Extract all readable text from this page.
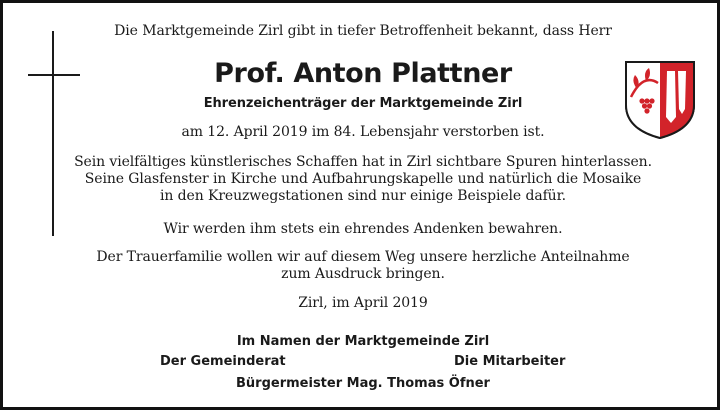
Die Marktgemeinde Zirl gibt in tiefer Betroffenheit bekannt, dass Herr
Prof. Anton Plattner
Ehrenzeichenträger der Marktgemeinde Zirl
am 12. April 2019 im 84. Lebensjahr verstorben ist.
Sein vielfältiges künstlerisches Schaffen hat in Zirl sichtbare Spuren hinterlassen.
Seine Glasfenster in Kirche und Aufbahrungskapelle und natürlich die Mosaike
in den Kreuzwegstationen sind nur einige Beispiele dafür.
Wir werden ihm stets ein ehrendes Andenken bewahren.
Der Trauerfamilie wollen wir auf diesem Weg unsere herzliche Anteilnahme
zum Ausdruck bringen.
Zirl, im April 2019
Im Namen der Marktgemeinde Zirl
Der Gemeinderat	Die Mitarbeiter
Bürgermeister Mag. Thomas Öfner
